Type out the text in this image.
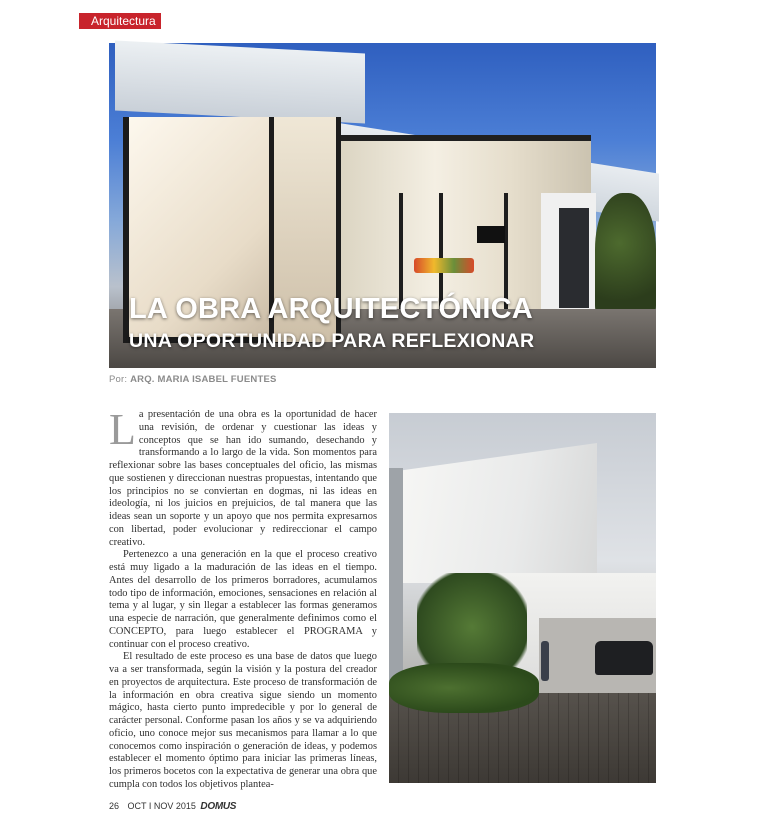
Arquitectura
LA OBRA ARQUITECTÓNICA
UNA OPORTUNIDAD PARA REFLEXIONAR
Por: ARQ. MARIA ISABEL FUENTES

La presentación de una obra es la oportunidad de hacer una revisión, de ordenar y cuestionar las ideas y conceptos que se han ido sumando, desechando y transformando a lo largo de la vida. Son momentos para reflexionar sobre las bases conceptuales del oficio, las mismas que sostienen y direccionan nuestras propuestas, intentando que los principios no se conviertan en dogmas, ni las ideas en ideología, ni los juicios en prejuicios, de tal manera que las ideas sean un soporte y un apoyo que nos permita expresarnos con libertad, poder evolucionar y redireccionar el campo creativo.

Pertenezco a una generación en la que el proceso creativo está muy ligado a la maduración de las ideas en el tiempo. Antes del desarrollo de los primeros borradores, acumulamos todo tipo de información, emociones, sensaciones en relación al tema y al lugar, y sin llegar a establecer las formas generamos una especie de narración, que generalmente definimos como el CONCEPTO, para luego establecer el PROGRAMA y continuar con el proceso creativo.

El resultado de este proceso es una base de datos que luego va a ser transformada, según la visión y la postura del creador en proyectos de arquitectura. Este proceso de transformación de la información en obra creativa sigue siendo un momento mágico, hasta cierto punto impredecible y por lo general de carácter personal. Conforme pasan los años y se va adquiriendo oficio, uno conoce mejor sus mecanismos para llamar a lo que conocemos como inspiración o generación de ideas, y podemos establecer el momento óptimo para iniciar las primeras líneas, los primeros bocetos con la expectativa de generar una obra que cumpla con todos los objetivos plantea-

26 OCT I NOV 2015 DOMUS
